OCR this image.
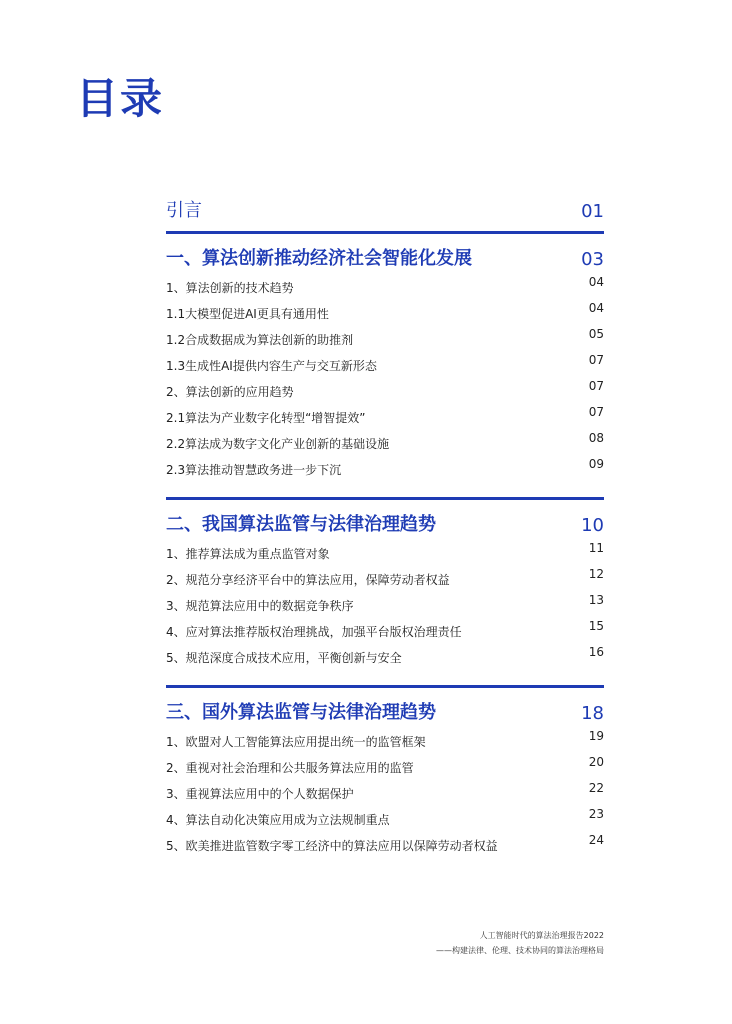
目录
引言	01
一、算法创新推动经济社会智能化发展	03
1、算法创新的技术趋势	04
1.1大模型促进AI更具有通用性	04
1.2合成数据成为算法创新的助推剂	05
1.3生成性AI提供内容生产与交互新形态	07
2、算法创新的应用趋势	07
2.1算法为产业数字化转型“增智提效”	07
2.2算法成为数字文化产业创新的基础设施	08
2.3算法推动智慧政务进一步下沉	09
二、我国算法监管与法律治理趋势	10
1、推荐算法成为重点监管对象	11
2、规范分享经济平台中的算法应用，保障劳动者权益	12
3、规范算法应用中的数据竞争秩序	13
4、应对算法推荐版权治理挑战，加强平台版权治理责任	15
5、规范深度合成技术应用，平衡创新与安全	16
三、国外算法监管与法律治理趋势	18
1、欧盟对人工智能算法应用提出统一的监管框架	19
2、重视对社会治理和公共服务算法应用的监管	20
3、重视算法应用中的个人数据保护	22
4、算法自动化决策应用成为立法规制重点	23
5、欧美推进监管数字零工经济中的算法应用以保障劳动者权益	24
人工智能时代的算法治理报告2022
——构建法律、伦理、技术协同的算法治理格局
